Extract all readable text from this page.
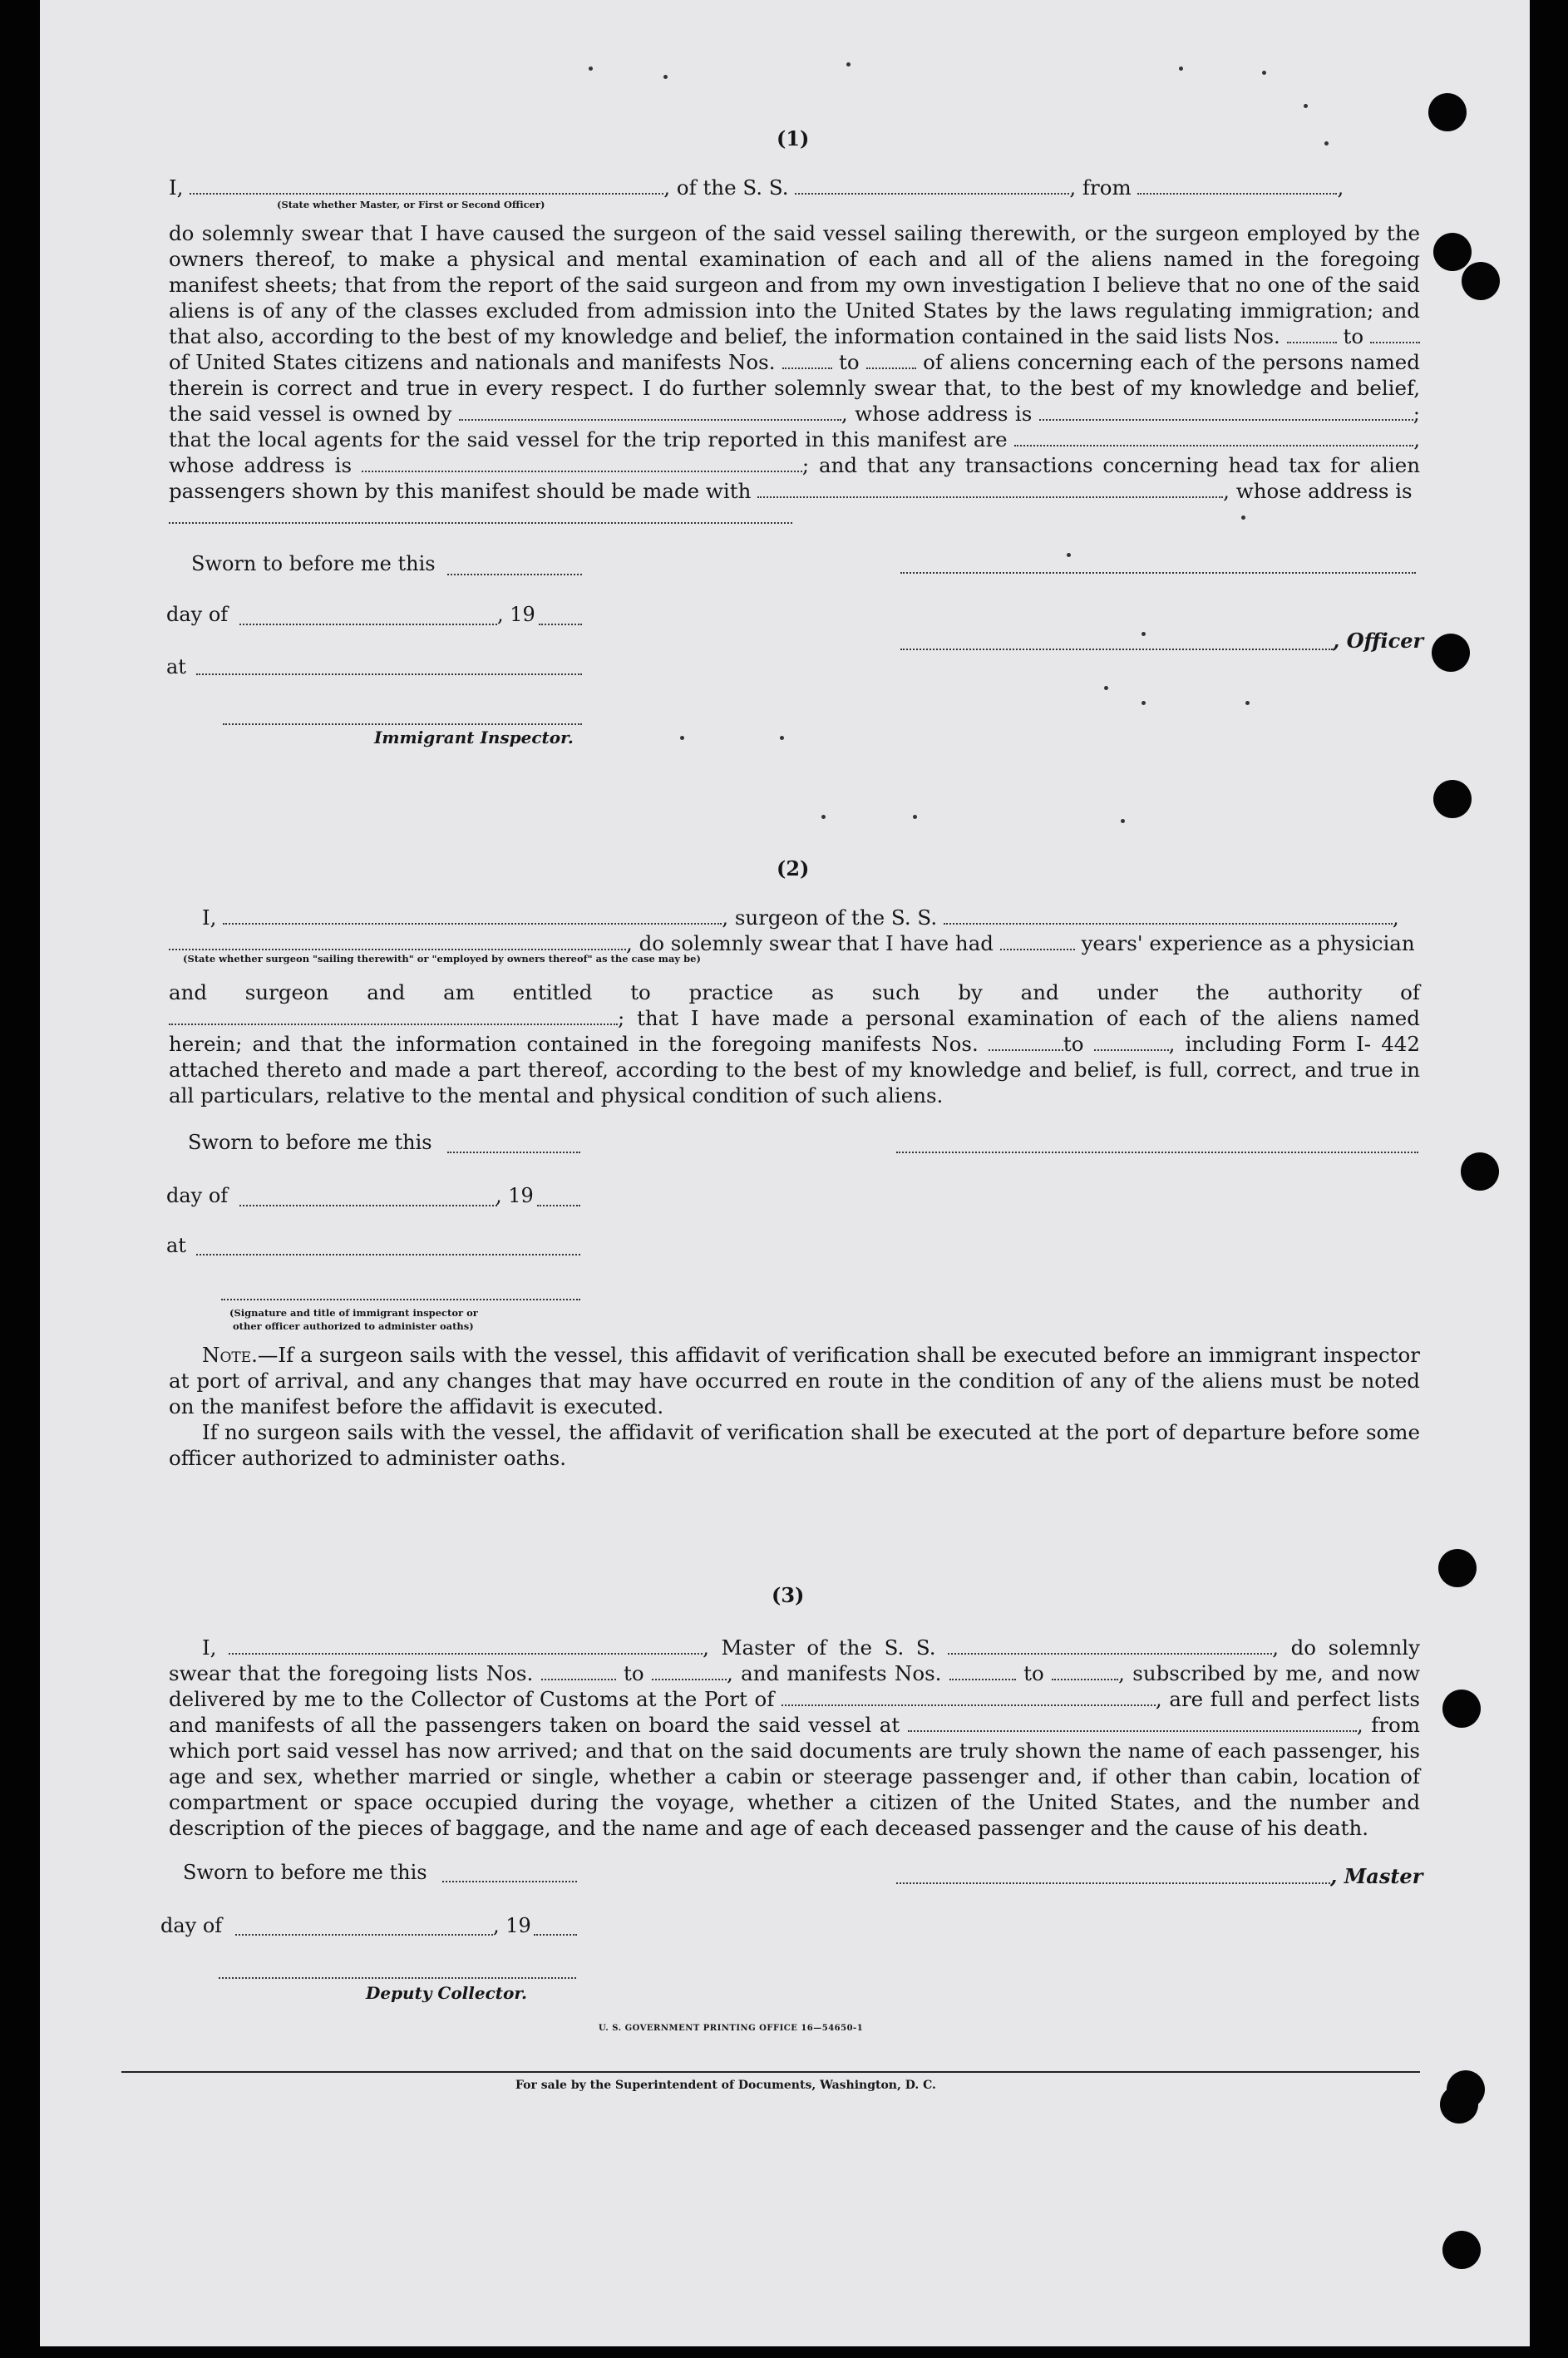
(1)
I,	, of the S. S.	, from	,
(State whether Master, or First or Second Officer)

do solemnly swear that I have caused the surgeon of the said vessel sailing therewith, or the surgeon employed by the owners thereof, to make a physical and mental examination of each and all of the aliens named in the foregoing manifest sheets; that from the report of the said surgeon and from my own investigation I believe that no one of the said aliens is of any of the classes excluded from admission into the United States by the laws regulating immigration; and that also, according to the best of my knowledge and belief, the information contained in the said lists Nos.	to  of United States citizens and nationals and manifests Nos.	to	of aliens concerning each of the persons named therein is correct and true in every respect. I do further solemnly swear that, to the best of my knowledge and belief, the said vessel is owned by	, whose address is	; that the local agents for the said vessel for the trip reported in this manifest are	, whose address is	; and that any transactions concerning head tax for alien passengers shown by this manifest should be made with	, whose address is

Sworn to before me this
day of	, 19
, Officer
at
Immigrant Inspector.
(2)
I,	, surgeon of the S. S.	,
, do solemnly swear that I have had	years' experience as a physician
(State whether surgeon "sailing therewith" or "employed by owners thereof" as the case may be)

and surgeon and am entitled to practice as such by and under the authority of ; that I have made a personal examination of each of the aliens named herein; and that the information contained in the foregoing manifests Nos.	to	, including Form I- 442 attached thereto and made a part thereof, according to the best of my knowledge and belief, is full, correct, and true in all particulars, relative to the mental and physical condition of such aliens.

Sworn to before me this
day of	, 19
at
(Signature and title of immigrant inspector or
other officer authorized to administer oaths)

Note.—If a surgeon sails with the vessel, this affidavit of verification shall be executed before an immigrant inspector at port of arrival, and any changes that may have occurred en route in the condition of any of the aliens must be noted on the manifest before the affidavit is executed.

If no surgeon sails with the vessel, the affidavit of verification shall be executed at the port of departure before some officer authorized to administer oaths.

(3)

I,	, Master of the S. S.	, do solemnly swear that the foregoing lists Nos.	to	, and manifests Nos.	to	, subscribed by me, and now delivered by me to the Collector of Customs at the Port of	, are full and perfect lists and manifests of all the passengers taken on board the said vessel at	, from which port said vessel has now arrived; and that on the said documents are truly shown the name of each passenger, his age and sex, whether married or single, whether a cabin or steerage passenger and, if other than cabin, location of compartment or space occupied during the voyage, whether a citizen of the United States, and the number and description of the pieces of baggage, and the name and age of each deceased passenger and the cause of his death.

Sworn to before me this	, Master
day of	, 19
Deputy Collector.
U. S. GOVERNMENT PRINTING OFFICE 16—54650-1
For sale by the Superintendent of Documents, Washington, D. C.
